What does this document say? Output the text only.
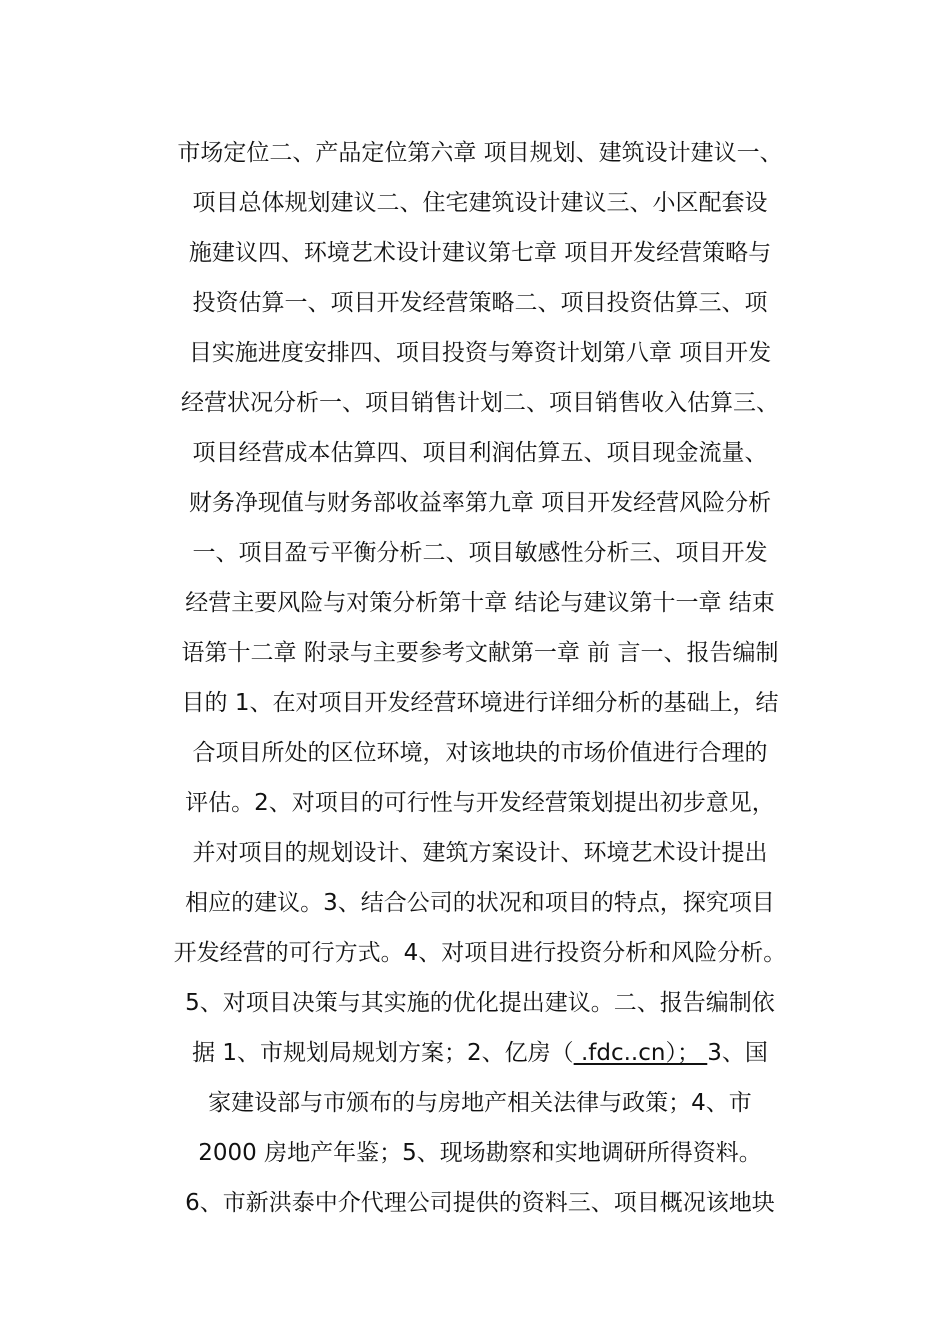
市场定位二、产品定位第六章 项目规划、建筑设计建议一、
项目总体规划建议二、住宅建筑设计建议三、小区配套设
施建议四、环境艺术设计建议第七章 项目开发经营策略与
投资估算一、项目开发经营策略二、项目投资估算三、项
目实施进度安排四、项目投资与筹资计划第八章 项目开发
经营状况分析一、项目销售计划二、项目销售收入估算三、
项目经营成本估算四、项目利润估算五、项目现金流量、
财务净现值与财务部收益率第九章 项目开发经营风险分析
一、项目盈亏平衡分析二、项目敏感性分析三、项目开发
经营主要风险与对策分析第十章 结论与建议第十一章 结束
语第十二章 附录与主要参考文献第一章 前 言一、报告编制
目的 1、在对项目开发经营环境进行详细分析的基础上，结
合项目所处的区位环境，对该地块的市场价值进行合理的
评估。2、对项目的可行性与开发经营策划提出初步意见，
并对项目的规划设计、建筑方案设计、环境艺术设计提出
相应的建议。3、结合公司的状况和项目的特点，探究项目
开发经营的可行方式。4、对项目进行投资分析和风险分析。
5、对项目决策与其实施的优化提出建议。二、报告编制依
据 1、市规划局规划方案；2、亿房（ .fdc..cn）； 3、国
家建设部与市颁布的与房地产相关法律与政策；4、市
2000 房地产年鉴；5、现场勘察和实地调研所得资料。
6、市新洪泰中介代理公司提供的资料三、项目概况该地块
